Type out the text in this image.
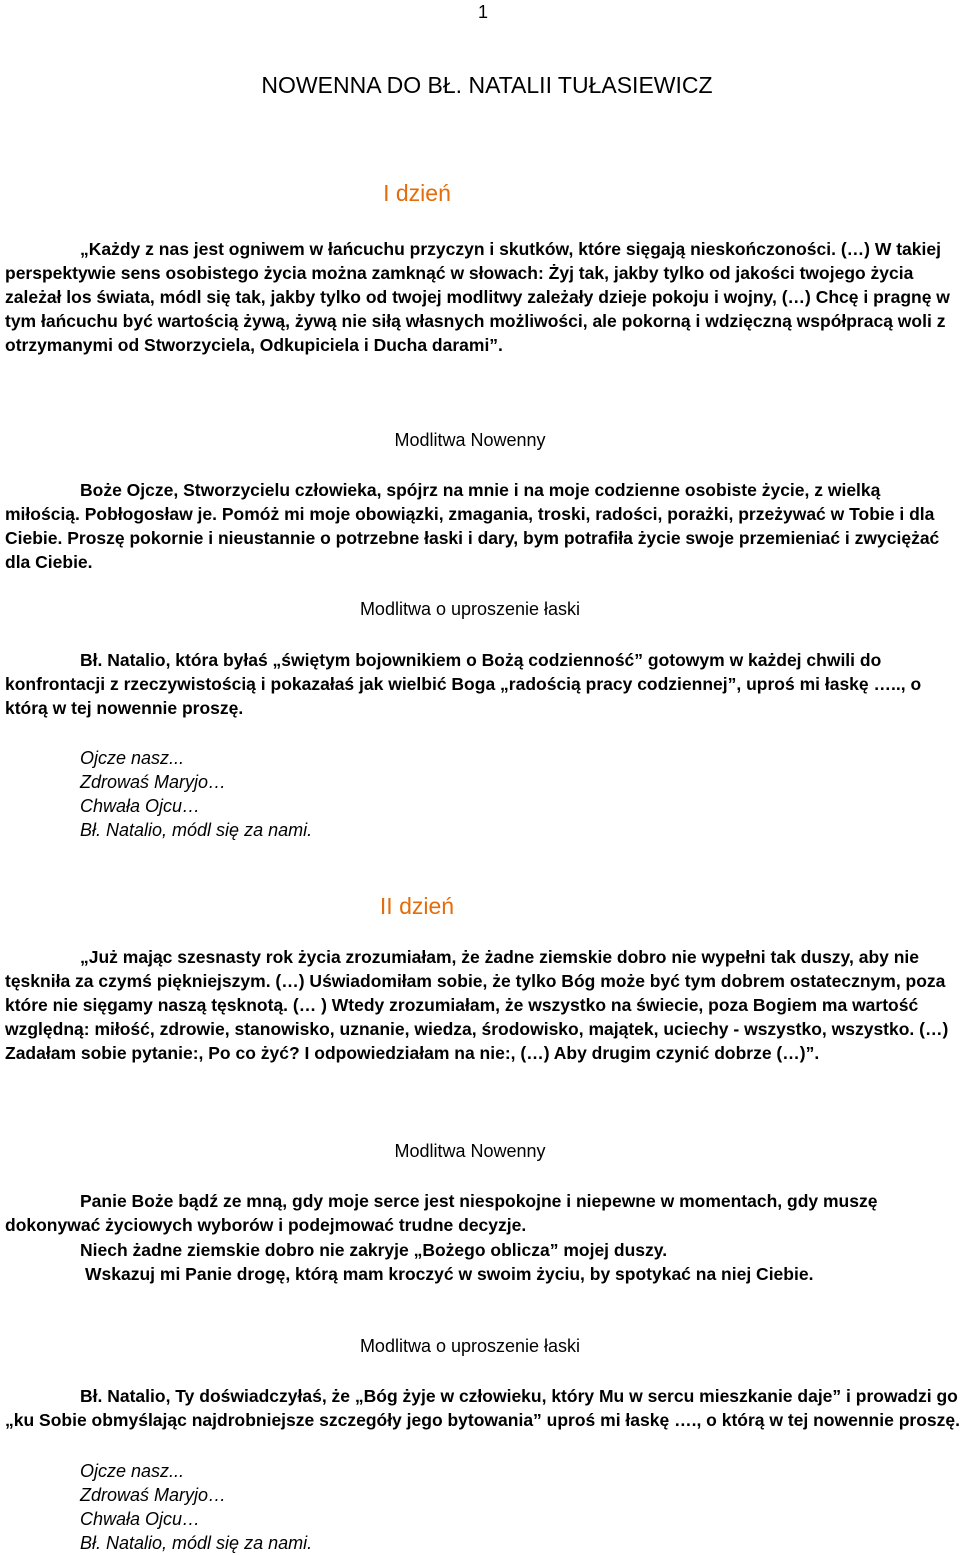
1
NOWENNA DO BŁ. NATALII TUŁASIEWICZ
I dzień

„Każdy z nas jest ogniwem w łańcuchu przyczyn i skutków, które sięgają nieskończoności. (…) W takiej perspektywie sens osobistego życia można zamknąć w słowach: Żyj tak, jakby tylko od jakości twojego życia zależał los świata, módl się tak, jakby tylko od twojej modlitwy zależały dzieje pokoju i wojny, (…) Chcę i pragnę w tym łańcuchu być wartością żywą, żywą nie siłą własnych możliwości, ale pokorną i wdzięczną współpracą woli z otrzymanymi od Stworzyciela, Odkupiciela i Ducha darami”.

Modlitwa Nowenny

Boże Ojcze, Stworzycielu człowieka, spójrz na mnie i na moje codzienne osobiste życie, z wielką miłością. Pobłogosław je. Pomóż mi moje obowiązki, zmagania, troski, radości, porażki, przeżywać w Tobie i dla Ciebie. Proszę pokornie i nieustannie o potrzebne łaski i dary, bym potrafiła życie swoje przemieniać i zwyciężać dla Ciebie.

Modlitwa o uproszenie łaski

Bł. Natalio, która byłaś „świętym bojownikiem o Bożą codzienność” gotowym w każdej chwili do konfrontacji z rzeczywistością i pokazałaś jak wielbić Boga „radością pracy codziennej”, uproś mi łaskę ….., o którą w tej nowennie proszę.

Ojcze nasz...
Zdrowaś Maryjo…
Chwała Ojcu…
Bł. Natalio, módl się za nami.
II dzień

„Już mając szesnasty rok życia zrozumiałam, że żadne ziemskie dobro nie wypełni tak duszy, aby nie tęskniła za czymś piękniejszym. (…) Uświadomiłam sobie, że tylko Bóg może być tym dobrem ostatecznym, poza które nie sięgamy naszą tęsknotą. (… ) Wtedy zrozumiałam, że wszystko na świecie, poza Bogiem ma wartość względną: miłość, zdrowie, stanowisko, uznanie, wiedza, środowisko, majątek, uciechy - wszystko, wszystko. (…) Zadałam sobie pytanie:, Po co żyć? I odpowiedziałam na nie:, (…) Aby drugim czynić dobrze (…)”.

Modlitwa Nowenny

Panie Boże bądź ze mną, gdy moje serce jest niespokojne i niepewne w momentach, gdy muszę dokonywać życiowych wyborów i podejmować trudne decyzje.

Niech żadne ziemskie dobro nie zakryje „Bożego oblicza” mojej duszy.

Wskazuj mi Panie drogę, którą mam kroczyć w swoim życiu, by spotykać na niej Ciebie.

Modlitwa o uproszenie łaski

Bł. Natalio, Ty doświadczyłaś, że „Bóg żyje w człowieku, który Mu w sercu mieszkanie daje” i prowadzi go „ku Sobie obmyślając najdrobniejsze szczegóły jego bytowania” uproś mi łaskę …., o którą w tej nowennie proszę.

Ojcze nasz...
Zdrowaś Maryjo…
Chwała Ojcu…
Bł. Natalio, módl się za nami.
